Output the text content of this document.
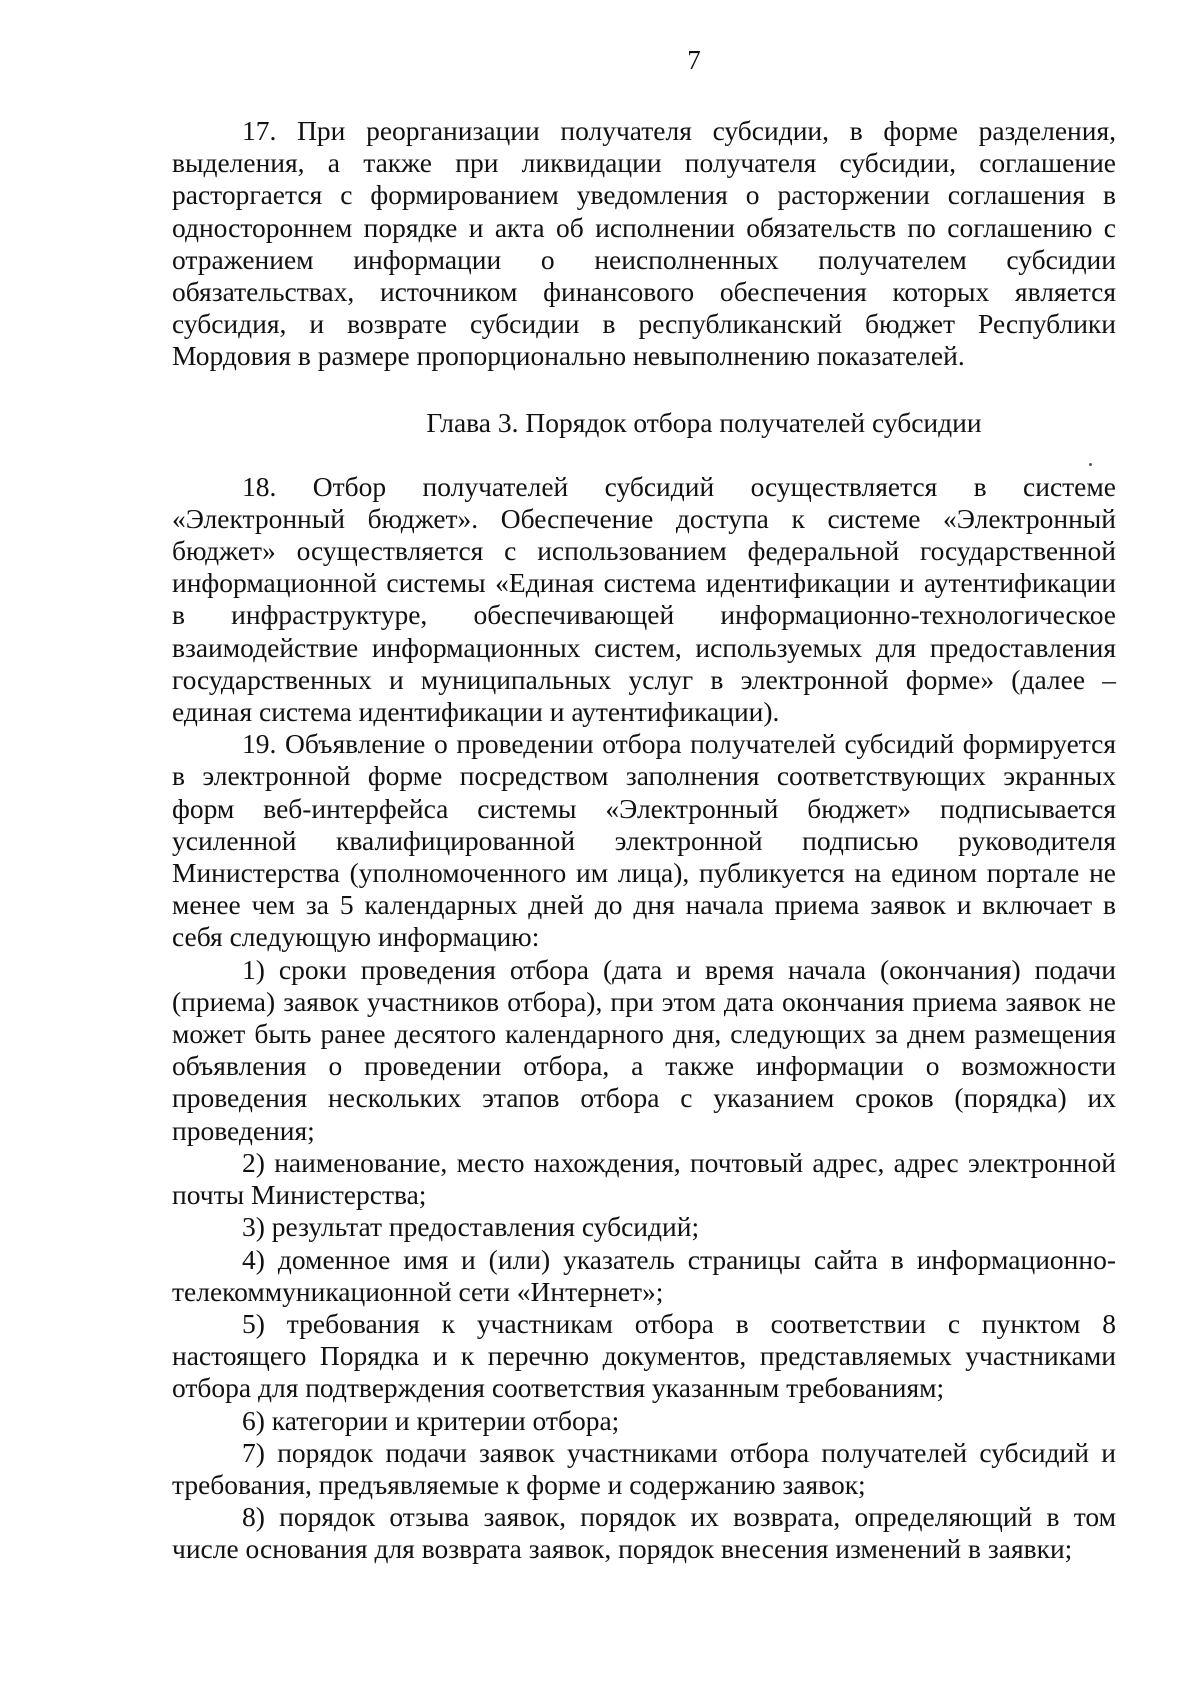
7

17. При реорганизации получателя субсидии, в форме разделения, выделения, а также при ликвидации получателя субсидии, соглашение расторгается с формированием уведомления о расторжении соглашения в одностороннем порядке и акта об исполнении обязательств по соглашению с отражением информации о неисполненных получателем субсидии обязательствах, источником финансового обеспечения которых является субсидия, и возврате субсидии в республиканский бюджет Республики Мордовия в размере пропорционально невыполнению показателей.

Глава 3. Порядок отбора получателей субсидии

18. Отбор получателей субсидий осуществляется в системе «Электронный бюджет». Обеспечение доступа к системе «Электронный бюджет» осуществляется с использованием федеральной государственной информационной системы «Единая система идентификации и аутентификации в инфраструктуре, обеспечивающей информационно-технологическое взаимодействие информационных систем, используемых для предоставления государственных и муниципальных услуг в электронной форме» (далее – единая система идентификации и аутентификации).

19. Объявление о проведении отбора получателей субсидий формируется в электронной форме посредством заполнения соответствующих экранных форм веб-интерфейса системы «Электронный бюджет» подписывается усиленной квалифицированной электронной подписью руководителя Министерства (уполномоченного им лица), публикуется на едином портале не менее чем за 5 календарных дней до дня начала приема заявок и включает в себя следующую информацию:

1) сроки проведения отбора (дата и время начала (окончания) подачи (приема) заявок участников отбора), при этом дата окончания приема заявок не может быть ранее десятого календарного дня, следующих за днем размещения объявления о проведении отбора, а также информации о возможности проведения нескольких этапов отбора с указанием сроков (порядка) их проведения;

2) наименование, место нахождения, почтовый адрес, адрес электронной почты Министерства;

3) результат предоставления субсидий;

4) доменное имя и (или) указатель страницы сайта в информационно-телекоммуникационной сети «Интернет»;

5) требования к участникам отбора в соответствии с пунктом 8 настоящего Порядка и к перечню документов, представляемых участниками отбора для подтверждения соответствия указанным требованиям;

6) категории и критерии отбора;

7) порядок подачи заявок участниками отбора получателей субсидий и требования, предъявляемые к форме и содержанию заявок;

8) порядок отзыва заявок, порядок их возврата, определяющий в том числе основания для возврата заявок, порядок внесения изменений в заявки;
